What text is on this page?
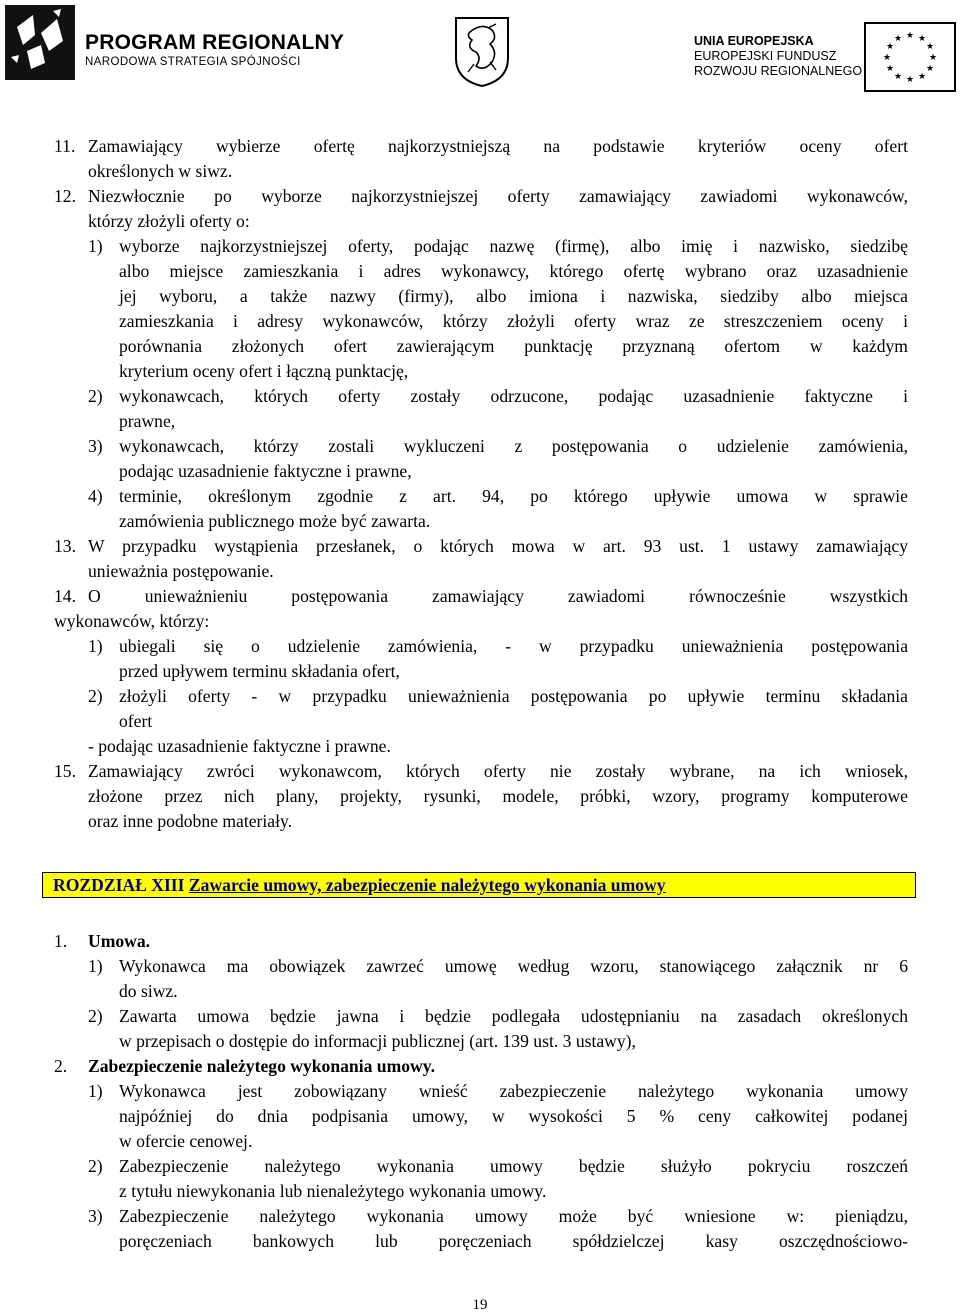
PROGRAM REGIONALNY
NARODOWA STRATEGIA SPÓJNOŚCI
UNIA EUROPEJSKA
EUROPEJSKI FUNDUSZ
ROZWOJU REGIONALNEGO
★ ★
★
★
★
★
★
★
★
★
★
★
11. Zamawiający wybierze ofertę najkorzystniejszą na podstawie kryteriów oceny ofert
określonych w siwz.
12. Niezwłocznie po wyborze najkorzystniejszej oferty zamawiający zawiadomi wykonawców,
którzy złożyli oferty o:
1) wyborze najkorzystniejszej oferty, podając nazwę (firmę), albo imię i nazwisko, siedzibę
albo miejsce zamieszkania i adres wykonawcy, którego ofertę wybrano oraz uzasadnienie
jej wyboru, a także nazwy (firmy), albo imiona i nazwiska, siedziby albo miejsca
zamieszkania i adresy wykonawców, którzy złożyli oferty wraz ze streszczeniem oceny i
porównania złożonych ofert zawierającym punktację przyznaną ofertom w każdym
kryterium oceny ofert i łączną punktację,
2) wykonawcach, których oferty zostały odrzucone, podając uzasadnienie faktyczne i
prawne,
3) wykonawcach, którzy zostali wykluczeni z postępowania o udzielenie zamówienia,
podając uzasadnienie faktyczne i prawne,
4) terminie, określonym zgodnie z art. 94, po którego upływie umowa w sprawie
zamówienia publicznego może być zawarta.
13. W przypadku wystąpienia przesłanek, o których mowa w art. 93 ust. 1 ustawy zamawiający
unieważnia postępowanie.
14. O unieważnieniu postępowania zamawiający zawiadomi równocześnie wszystkich
wykonawców, którzy:
1) ubiegali się o udzielenie zamówienia, - w przypadku unieważnienia postępowania
przed upływem terminu składania ofert,
2) złożyli oferty - w przypadku unieważnienia postępowania po upływie terminu składania
ofert
- podając uzasadnienie faktyczne i prawne.
15. Zamawiający zwróci wykonawcom, których oferty nie zostały wybrane, na ich wniosek,
złożone przez nich plany, projekty, rysunki, modele, próbki, wzory, programy komputerowe
oraz inne podobne materiały.
ROZDZIAŁ XIII Zawarcie umowy, zabezpieczenie należytego wykonania umowy
1. Umowa.
1) Wykonawca ma obowiązek zawrzeć umowę według wzoru, stanowiącego załącznik nr 6
do siwz.
2) Zawarta umowa będzie jawna i będzie podlegała udostępnianiu na zasadach określonych
w przepisach o dostępie do informacji publicznej (art. 139 ust. 3 ustawy),
2. Zabezpieczenie należytego wykonania umowy.
1) Wykonawca jest zobowiązany wnieść zabezpieczenie należytego wykonania umowy
najpóźniej do dnia podpisania umowy, w wysokości 5 % ceny całkowitej podanej
w ofercie cenowej.
2) Zabezpieczenie należytego wykonania umowy będzie służyło pokryciu roszczeń
z tytułu niewykonania lub nienależytego wykonania umowy.
3) Zabezpieczenie należytego wykonania umowy może być wniesione w: pieniądzu,
poręczeniach bankowych lub poręczeniach spółdzielczej kasy oszczędnościowo-
19
